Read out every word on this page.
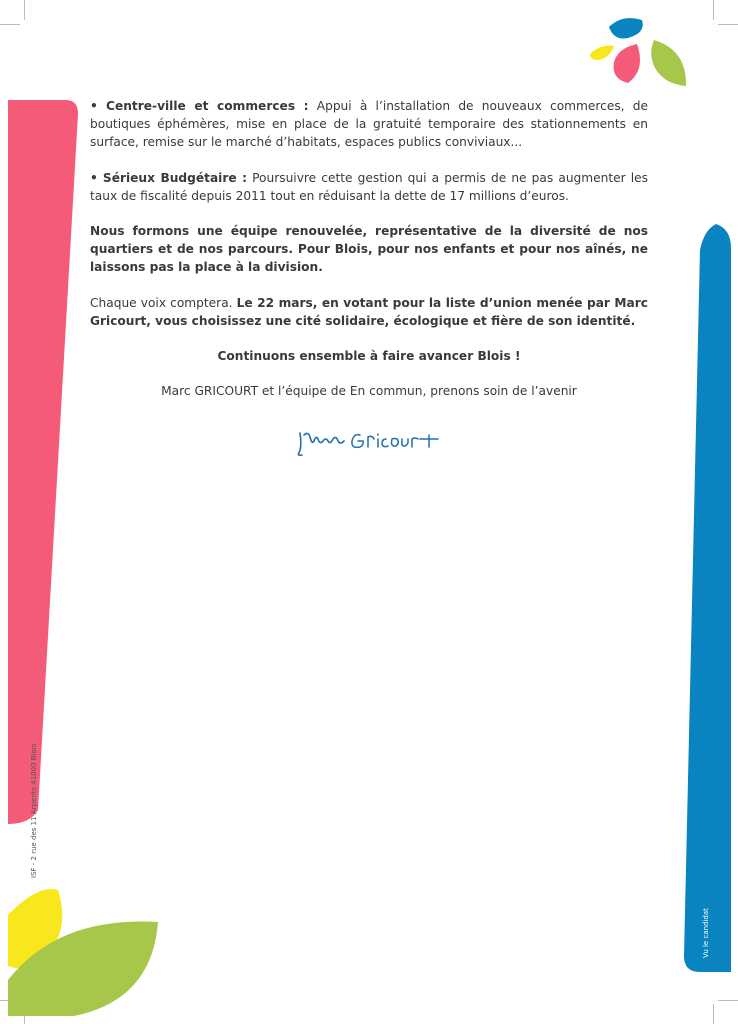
• Centre-ville et commerces : Appui à l’installation de nouveaux commerces, de boutiques éphémères, mise en place de la gratuité temporaire des stationnements en surface, remise sur le marché d’habitats, espaces publics conviviaux...

• Sérieux Budgétaire : Poursuivre cette gestion qui a permis de ne pas augmenter les taux de fiscalité depuis 2011 tout en réduisant la dette de 17 millions d’euros.

Nous formons une équipe renouvelée, représentative de la diversité de nos quartiers et de nos parcours. Pour Blois, pour nos enfants et pour nos aînés, ne laissons pas la place à la division.

Chaque voix comptera. Le 22 mars, en votant pour la liste d’union menée par Marc Gricourt, vous choisissez une cité solidaire, écologique et fière de son identité.

Continuons ensemble à faire avancer Blois !

Marc GRICOURT et l’équipe de En commun, prenons soin de l’avenir

ISF - 2 rue des 11 Arpents 41000 Blois
Vu le candidat
